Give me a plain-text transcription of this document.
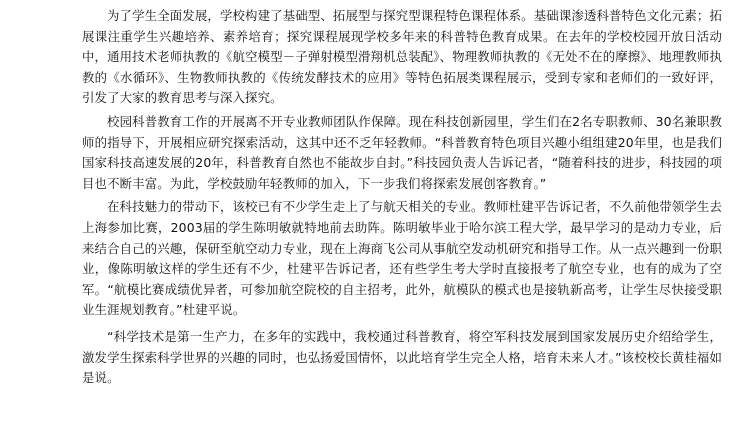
为了学生全面发展，学校构建了基础型、拓展型与探究型课程特色课程体系。基础课渗透科普特色文化元素；拓展课注重学生兴趣培养、素养培育；探究课程展现学校多年来的科普特色教育成果。在去年的学校校园开放日活动中，通用技术老师执教的《航空模型－子弹射模型滑翔机总装配》、物理教师执教的《无处不在的摩擦》、地理教师执教的《水循环》、生物教师执教的《传统发酵技术的应用》等特色拓展类课程展示，受到专家和老师们的一致好评，引发了大家的教育思考与深入探究。

校园科普教育工作的开展离不开专业教师团队作保障。现在科技创新园里，学生们在2名专职教师、30名兼职教师的指导下，开展相应研究探索活动，这其中还不乏年轻教师。“科普教育特色项目兴趣小组组建20年里，也是我们国家科技高速发展的20年，科普教育自然也不能故步自封。”科技园负责人告诉记者，“随着科技的进步，科技园的项目也不断丰富。为此，学校鼓励年轻教师的加入，下一步我们将探索发展创客教育。”

在科技魅力的带动下，该校已有不少学生走上了与航天相关的专业。教师杜建平告诉记者，不久前他带领学生去上海参加比赛，2003届的学生陈明敏就特地前去助阵。陈明敏毕业于哈尔滨工程大学，最早学习的是动力专业，后来结合自己的兴趣，保研至航空动力专业，现在上海商飞公司从事航空发动机研究和指导工作。从一点兴趣到一份职业，像陈明敏这样的学生还有不少，杜建平告诉记者，还有些学生考大学时直接报考了航空专业，也有的成为了空军。“航模比赛成绩优异者，可参加航空院校的自主招考，此外，航模队的模式也是接轨新高考，让学生尽快接受职业生涯规划教育。”杜建平说。

“科学技术是第一生产力，在多年的实践中，我校通过科普教育，将空军科技发展到国家发展历史介绍给学生，激发学生探索科学世界的兴趣的同时，也弘扬爱国情怀，以此培育学生完全人格，培育未来人才。”该校校长黄桂福如是说。
